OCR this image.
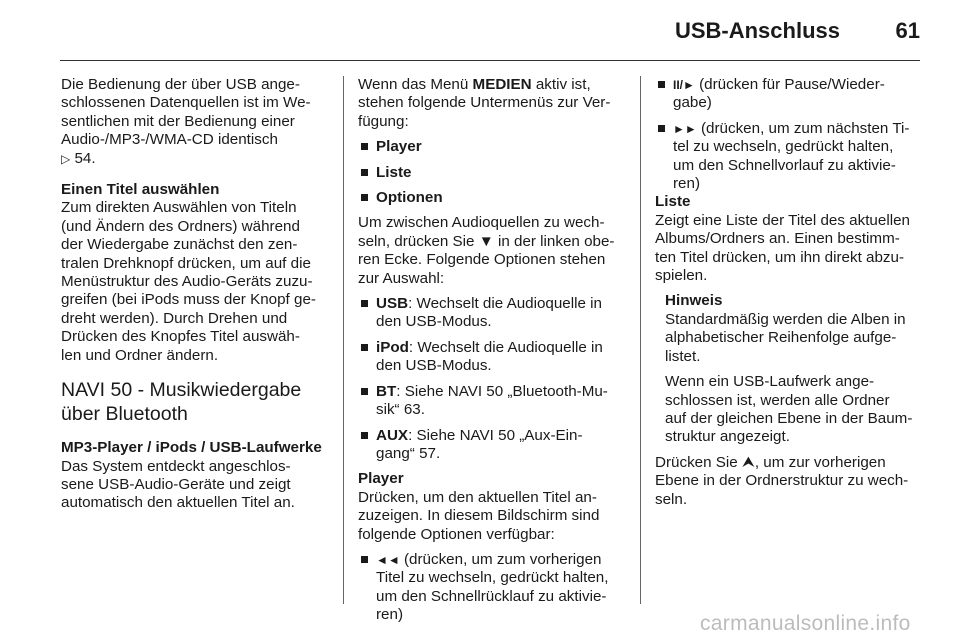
USB-Anschluss	61
Die Bedienung der über USB ange-
schlossenen Datenquellen ist im We-
sentlichen mit der Bedienung einer
Audio-/MP3-/WMA-CD identisch
▷ 54.
Einen Titel auswählen
Zum direkten Auswählen von Titeln
(und Ändern des Ordners) während
der Wiedergabe zunächst den zen-
tralen Drehknopf drücken, um auf die
Menüstruktur des Audio-Geräts zuzu-
greifen (bei iPods muss der Knopf ge-
dreht werden). Durch Drehen und
Drücken des Knopfes Titel auswäh-
len und Ordner ändern.
NAVI 50 - Musikwiedergabe
über Bluetooth
MP3-Player / iPods / USB-Laufwerke
Das System entdeckt angeschlos-
sene USB-Audio-Geräte und zeigt
automatisch den aktuellen Titel an.
Wenn das Menü MEDIEN aktiv ist,
stehen folgende Untermenüs zur Ver-
fügung:
Player
Liste
Optionen
Um zwischen Audioquellen zu wech-
seln, drücken Sie ▼ in der linken obe-
ren Ecke. Folgende Optionen stehen
zur Auswahl:
USB: Wechselt die Audioquelle in
den USB-Modus.
iPod: Wechselt die Audioquelle in
den USB-Modus.
BT: Siehe NAVI 50 „Bluetooth-Mu-
sik“ 63.
AUX: Siehe NAVI 50 „Aux-Ein-
gang“ 57.
Player
Drücken, um den aktuellen Titel an-
zuzeigen. In diesem Bildschirm sind
folgende Optionen verfügbar:
◄◄ (drücken, um zum vorherigen
Titel zu wechseln, gedrückt halten,
um den Schnellrücklauf zu aktivie-
ren)
II/► (drücken für Pause/Wieder-
gabe)
►► (drücken, um zum nächsten Ti-
tel zu wechseln, gedrückt halten,
um den Schnellvorlauf zu aktivie-
ren)
Liste
Zeigt eine Liste der Titel des aktuellen
Albums/Ordners an. Einen bestimm-
ten Titel drücken, um ihn direkt abzu-
spielen.
Hinweis
Standardmäßig werden die Alben in
alphabetischer Reihenfolge aufge-
listet.
Wenn ein USB-Laufwerk ange-
schlossen ist, werden alle Ordner
auf der gleichen Ebene in der Baum-
struktur angezeigt.
Drücken Sie ⮝, um zur vorherigen
Ebene in der Ordnerstruktur zu wech-
seln.
carmanualsonline.info
